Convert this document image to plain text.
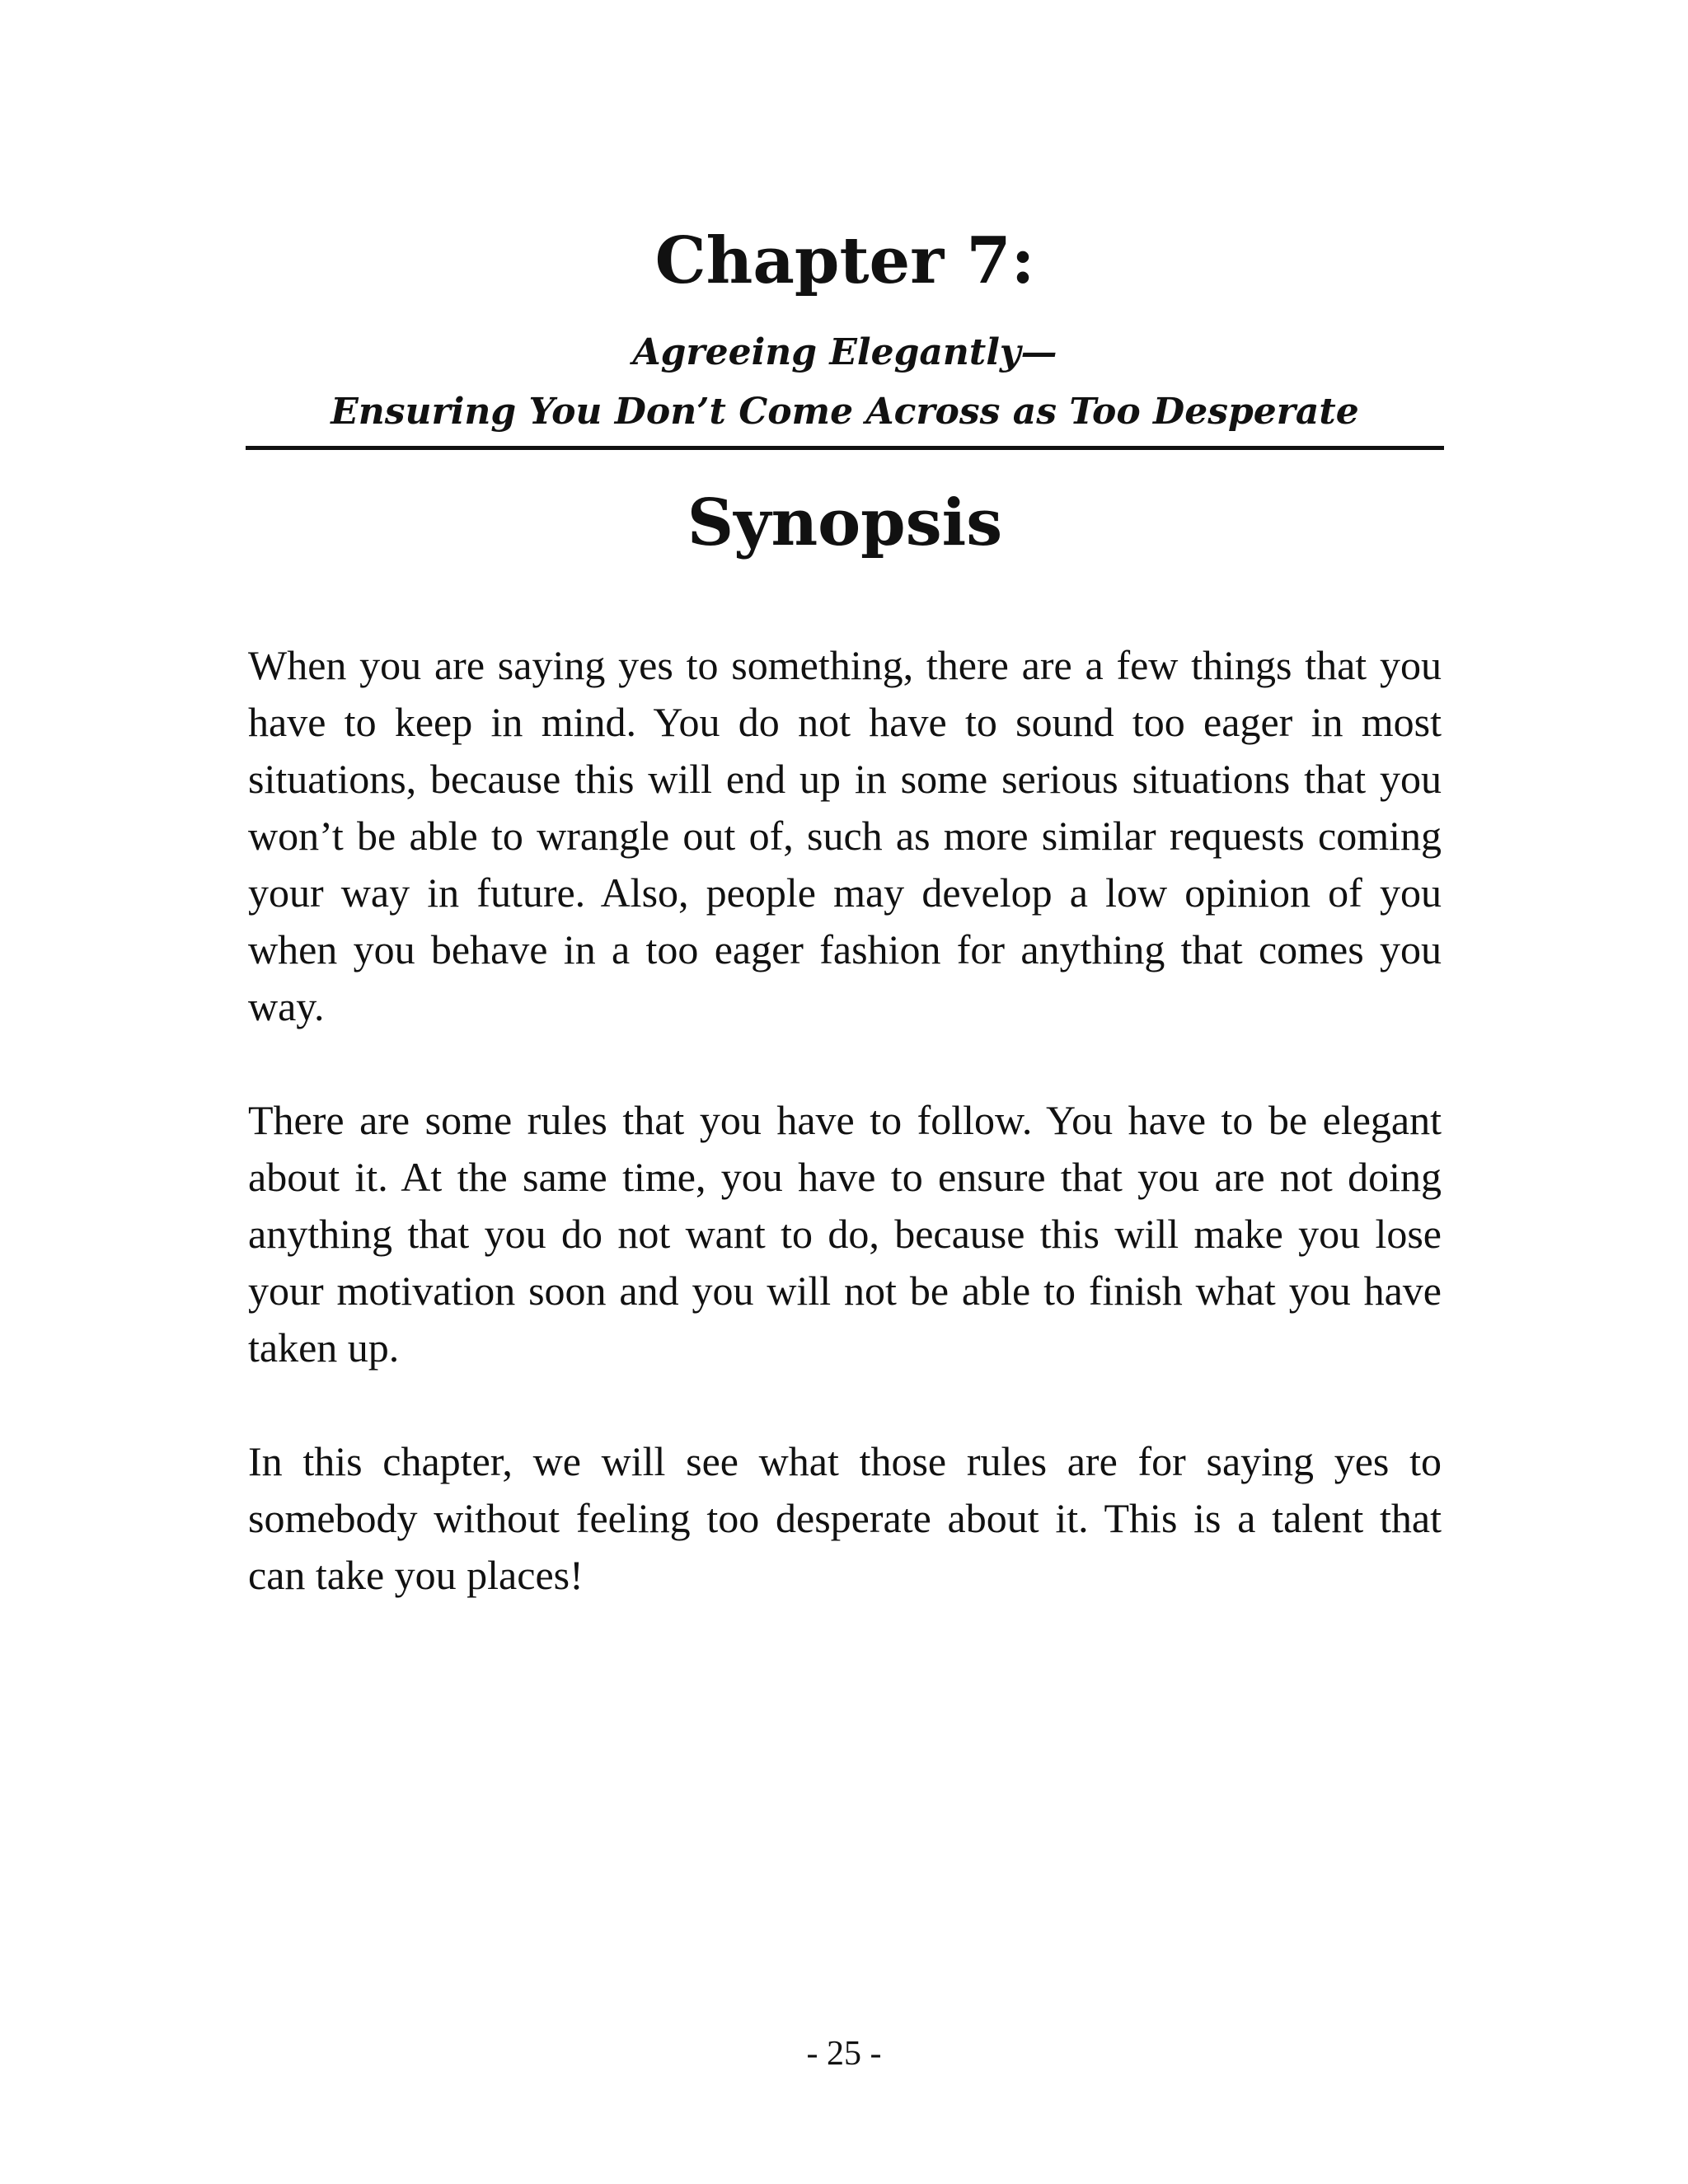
Chapter 7:
Agreeing Elegantly—
Ensuring You Don’t Come Across as Too Desperate
Synopsis

When you are saying yes to something, there are a few things that you have to keep in mind. You do not have to sound too eager in most situations, because this will end up in some serious situations that you won’t be able to wrangle out of, such as more similar requests coming your way in future. Also, people may develop a low opinion of you when you behave in a too eager fashion for anything that comes you way.

There are some rules that you have to follow. You have to be elegant about it. At the same time, you have to ensure that you are not doing anything that you do not want to do, because this will make you lose your motivation soon and you will not be able to finish what you have taken up.

In this chapter, we will see what those rules are for saying yes to somebody without feeling too desperate about it. This is a talent that can take you places!

- 25 -
